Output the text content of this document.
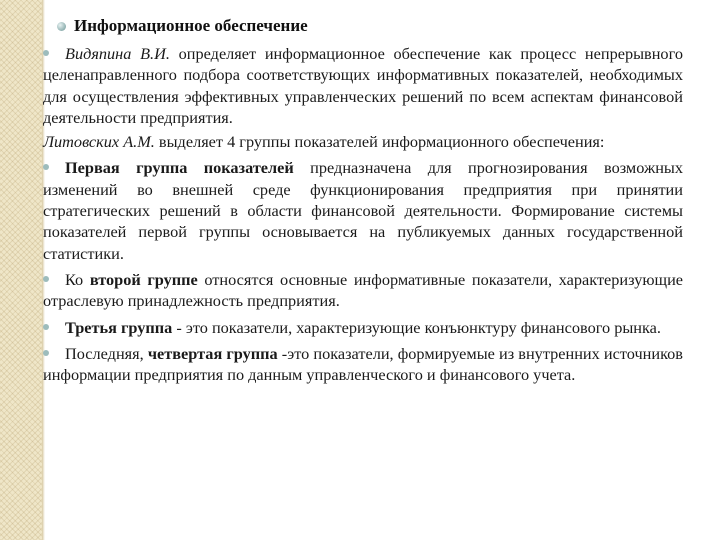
Информационное обеспечение
Видяпина В.И. определяет информационное обеспечение как процесс непрерывного целенаправленного подбора соответствующих информативных показателей, необходимых для осуществления эффективных управленческих решений по всем аспектам финансовой деятельности предприятия.
Литовских А.М. выделяет 4 группы показателей информационного обеспечения:
Первая группа показателей предназначена для прогнозирования возможных изменений во внешней среде функционирования предприятия при принятии стратегических решений в области финансовой деятельности. Формирование системы показателей первой группы основывается на публикуемых данных государственной статистики.
Ко второй группе относятся основные информативные показатели, характеризующие отраслевую принадлежность предприятия.
Третья группа - это показатели, характеризующие конъюнктуру финансового рынка.
Последняя, четвертая группа -это показатели, формируемые из внутренних источников информации предприятия по данным управленческого и финансового учета.
